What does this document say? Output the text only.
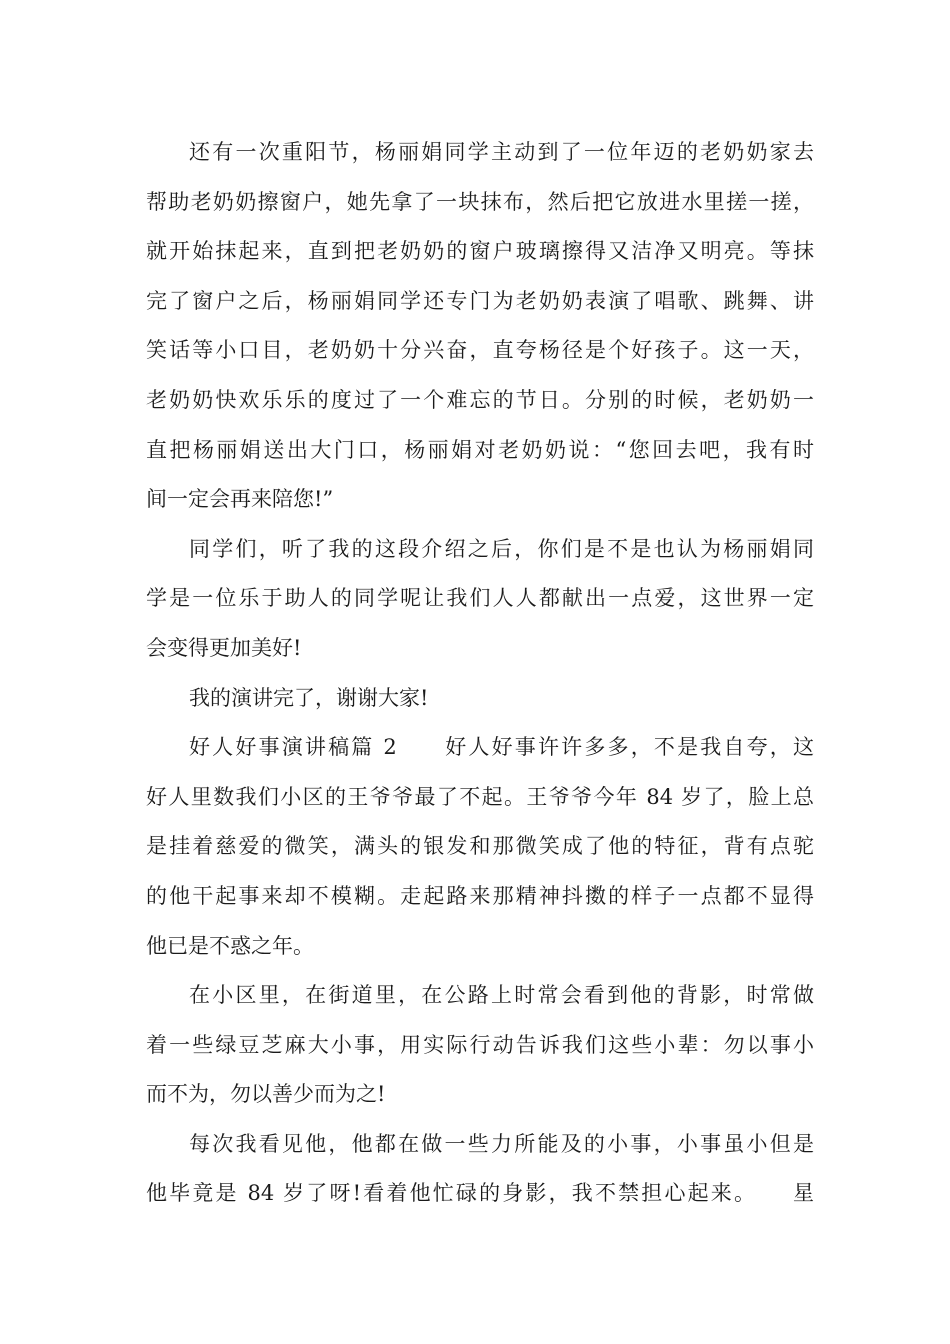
还有一次重阳节，杨丽娟同学主动到了一位年迈的老奶奶家去
帮助老奶奶擦窗户，她先拿了一块抹布，然后把它放进水里搓一搓，
就开始抹起来，直到把老奶奶的窗户玻璃擦得又洁净又明亮。等抹
完了窗户之后，杨丽娟同学还专门为老奶奶表演了唱歌、跳舞、讲
笑话等小口目，老奶奶十分兴奋，直夸杨径是个好孩子。这一天，
老奶奶快欢乐乐的度过了一个难忘的节日。分别的时候，老奶奶一
直把杨丽娟送出大门口，杨丽娟对老奶奶说：“您回去吧，我有时
间一定会再来陪您!”
同学们，听了我的这段介绍之后，你们是不是也认为杨丽娟同
学是一位乐于助人的同学呢让我们人人都献出一点爱，这世界一定
会变得更加美好!
我的演讲完了，谢谢大家!
好人好事演讲稿篇 2　　好人好事许许多多，不是我自夸，这
好人里数我们小区的王爷爷最了不起。王爷爷今年 84 岁了，脸上总
是挂着慈爱的微笑，满头的银发和那微笑成了他的特征，背有点驼
的他干起事来却不模糊。走起路来那精神抖擞的样子一点都不显得
他已是不惑之年。
在小区里，在街道里，在公路上时常会看到他的背影，时常做
着一些绿豆芝麻大小事，用实际行动告诉我们这些小辈：勿以事小
而不为，勿以善少而为之!
每次我看见他，他都在做一些力所能及的小事，小事虽小但是
他毕竟是 84 岁了呀!看着他忙碌的身影，我不禁担心起来。　　星
